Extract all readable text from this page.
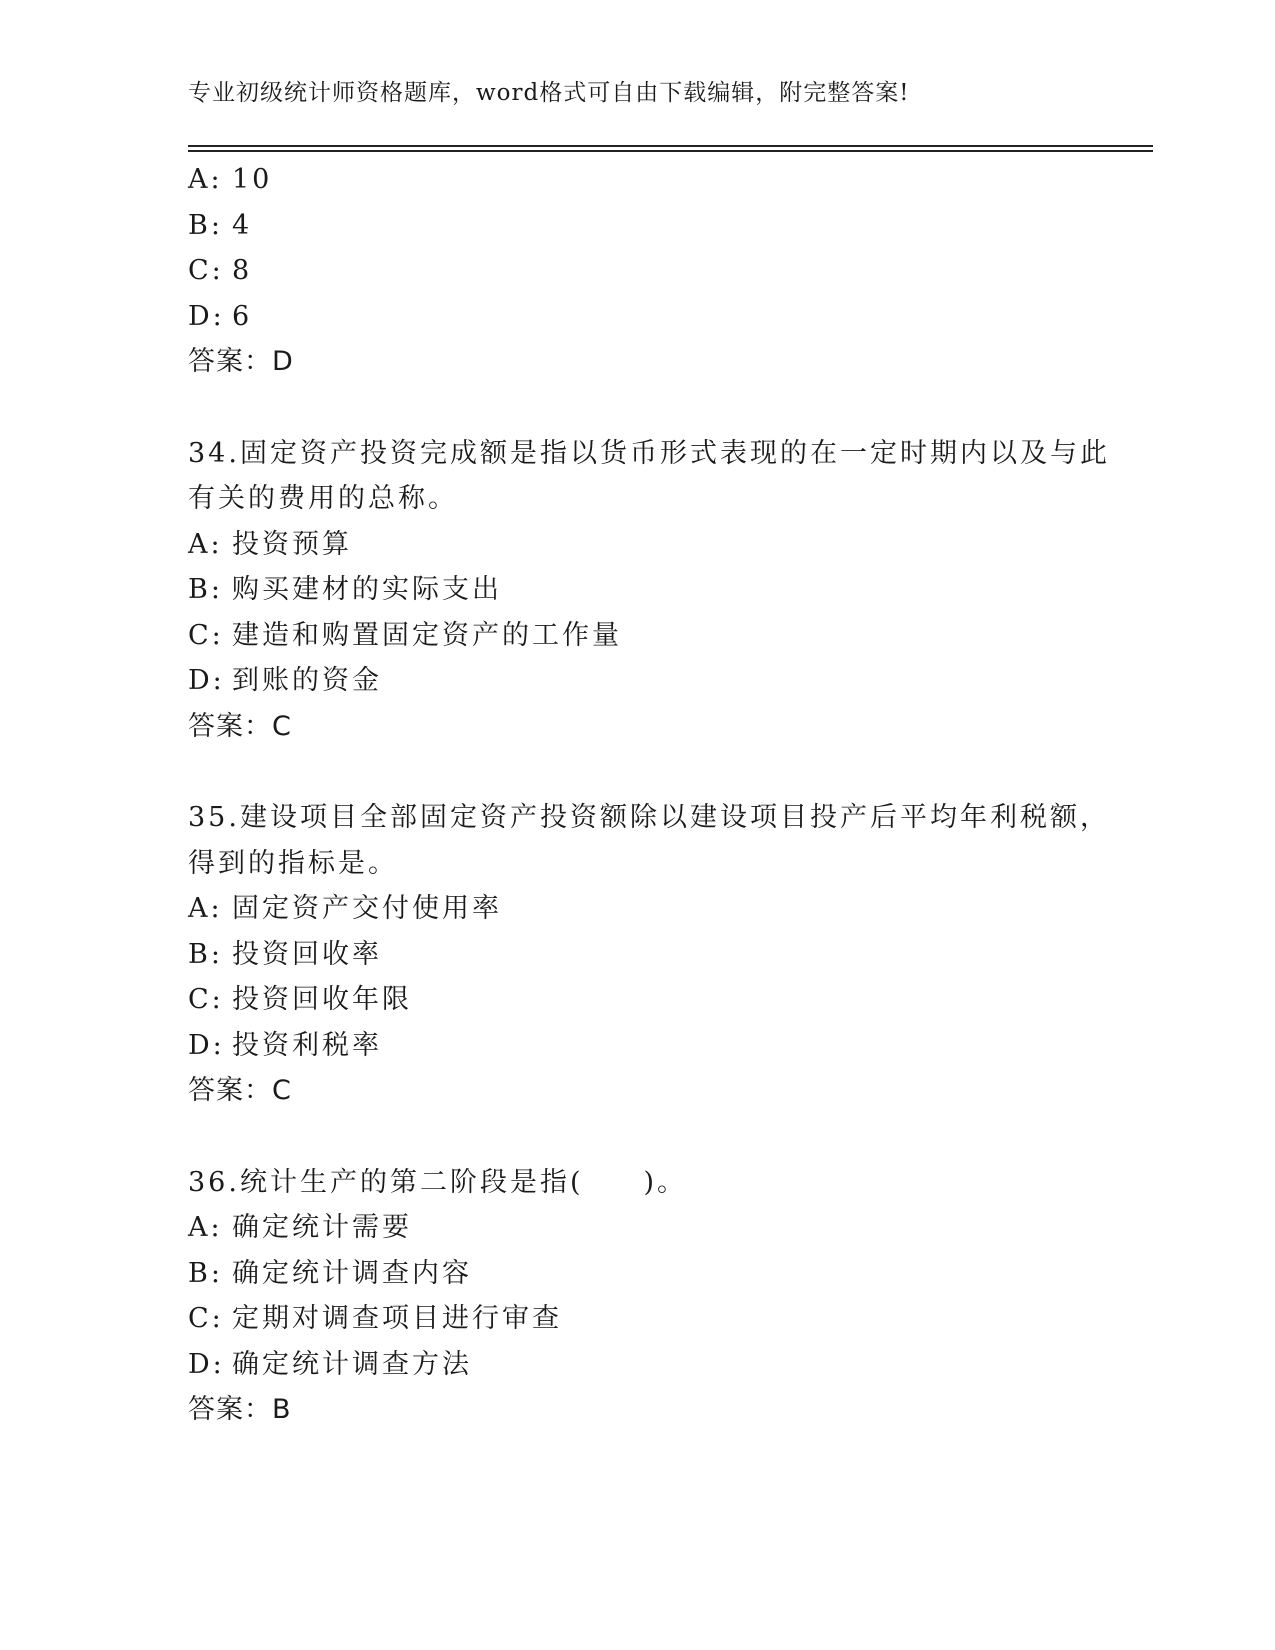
专业初级统计师资格题库，word格式可自由下载编辑，附完整答案!
A: 10
B: 4
C: 8
D: 6
答案：D
34.固定资产投资完成额是指以货币形式表现的在一定时期内以及与此
有关的费用的总称。
A: 投资预算
B: 购买建材的实际支出
C: 建造和购置固定资产的工作量
D: 到账的资金
答案：C
35.建设项目全部固定资产投资额除以建设项目投产后平均年利税额，
得到的指标是。
A: 固定资产交付使用率
B: 投资回收率
C: 投资回收年限
D: 投资利税率
答案：C
36.统计生产的第二阶段是指(　　)。
A: 确定统计需要
B: 确定统计调查内容
C: 定期对调查项目进行审查
D: 确定统计调查方法
答案：B
